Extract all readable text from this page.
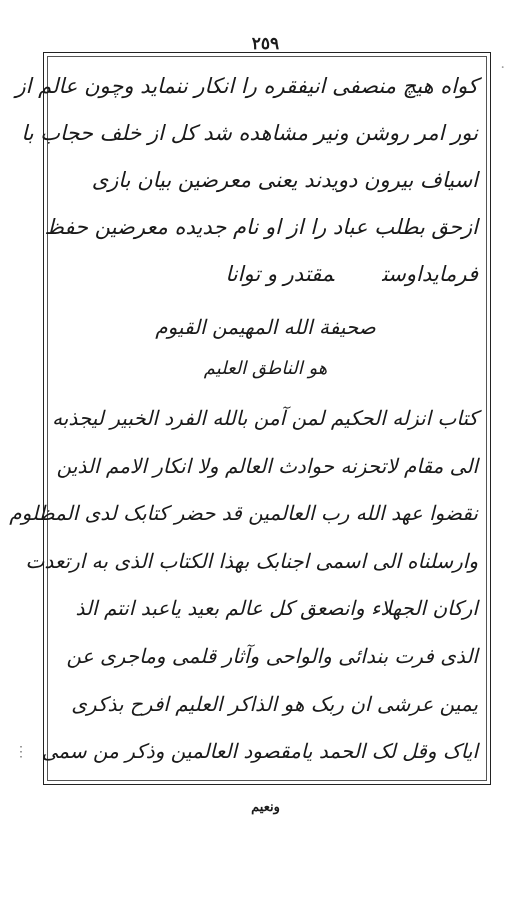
٢٥٩
·
کواه هیچ منصفی انیفقره را انکار ننماید وچون عالم از
نور امر روشن ونیر مشاهده شد کل از خلف حجاب با
اسیاف بیرون دویدند یعنی معرضین بیان بازی
ازحق بطلب عباد را از او نام جدیده معرضین حفظ
فرمایداوستمقتدر و توانا
صحیفة الله المهیمن القیوم
هو الناطق العلیم
کتاب انزله الحکیم لمن آمن بالله الفرد الخبیر لیجذبه
الی مقام لاتحزنه حوادث العالم ولا انکار الامم الذین
نقضوا عهد الله رب العالمین قد حضر کتابک لدی المظلوم
وارسلناه الی اسمی اجنابک بهذا الکتاب الذی به ارتعدت
ارکان الجهلاء وانصعق کل عالم بعید یاعبد انتم الذ
الذی فرت بندائی والواحی وآثار قلمی وماجری عن
یمین عرشی ان ربک هو الذاکر العلیم افرح بذکری
ایاک وقل لک الحمد یامقصود العالمین وذکر من سمی
ونعیم
⋮
